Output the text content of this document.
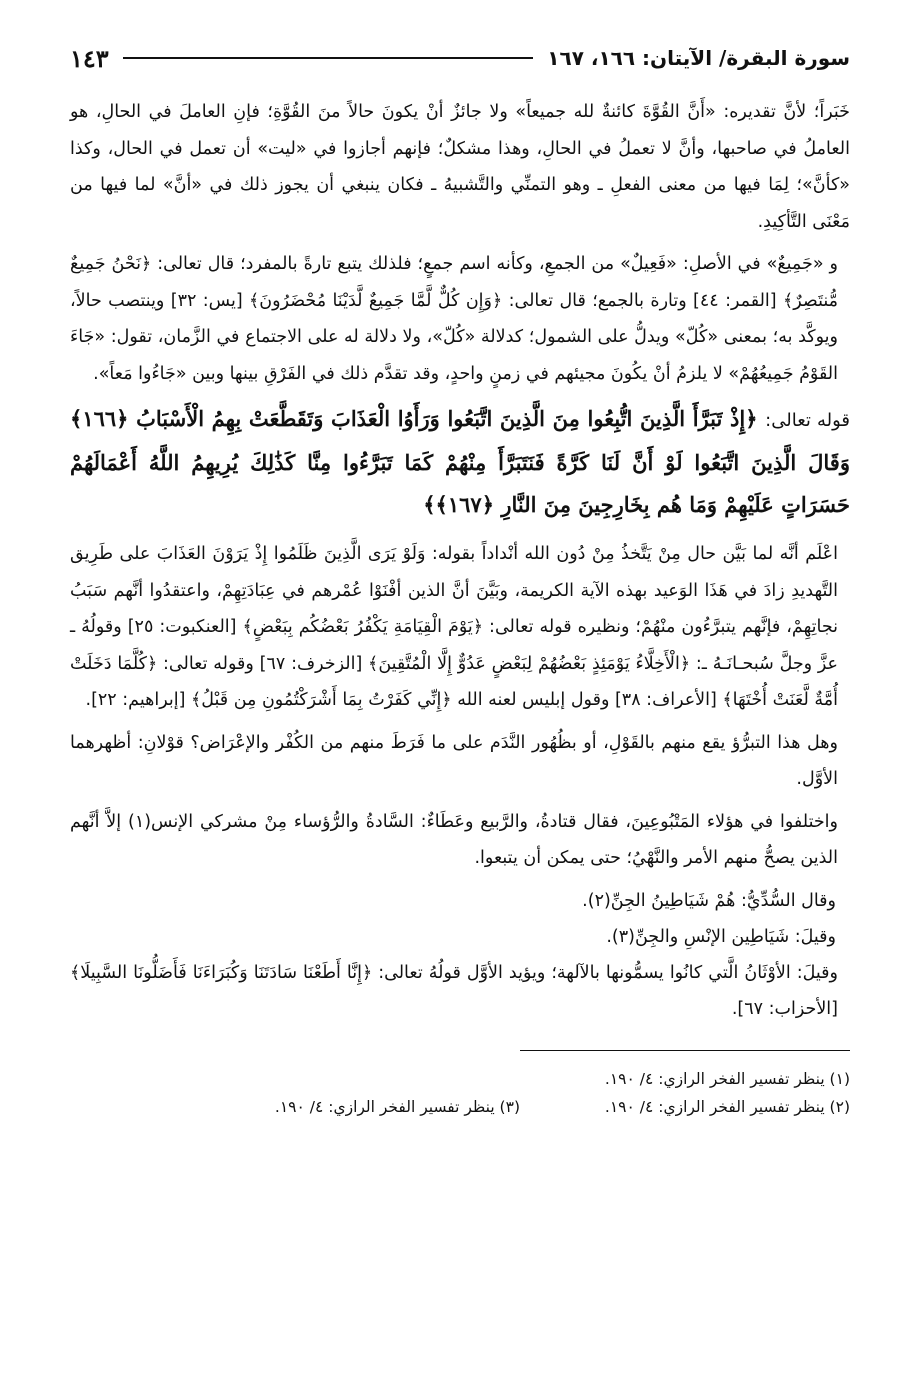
سورة البقرة/ الآيتان: ١٦٦، ١٦٧
١٤٣

خَبَراً؛ لأنَّ تقديره: «أَنَّ القُوَّةَ كائنةٌ لله جميعاً» ولا جائزٌ أنْ يكونَ حالاً منَ القُوَّةِ؛ فإنِ العاملَ في الحالِ، هو العاملُ في صاحبها، وأنَّ لا تعملُ في الحالِ، وهذا مشكلٌ؛ فإنهم أجازوا في «ليت» أن تعمل في الحال، وكذا «كأنَّ»؛ لِمَا فيها من معنى الفعلِ ـ وهو التمنِّي والتَّشبيهُ ـ فكان ينبغي أن يجوز ذلك في «أنَّ» لما فيها من مَعْنَى التَّأكِيدِ.

و «جَمِيعٌ» في الأصلِ: «فَعِيلٌ» من الجمعِ، وكأنه اسم جمعٍ؛ فلذلك يتبع تارةً بالمفرد؛ قال تعالى: ﴿نَحْنُ جَمِيعٌ مُّنتَصِرٌ﴾ [القمر: ٤٤] وتارة بالجمع؛ قال تعالى: ﴿وَإِن كُلٌّ لَّمَّا جَمِيعٌ لَّدَيْنَا مُحْضَرُونَ﴾ [يس: ٣٢] وينتصب حالاً، ويوكَّد به؛ بمعنى «كُلّ» ويدلُّ على الشمول؛ كدلالة «كُلّ»، ولا دلالة له على الاجتماع في الزَّمان، تقول: «جَاءَ القَوْمُ جَمِيعُهُمْ» لا يلزمُ أنْ يكُونَ مجيئهم في زمنٍ واحدٍ، وقد تقدَّم ذلك في الفَرْقِ بينها وبين «جَاءُوا مَعاً».

قوله تعالى: ﴿إِذْ تَبَرَّأَ الَّذِينَ اتُّبِعُوا مِنَ الَّذِينَ اتَّبَعُوا وَرَأَوُا الْعَذَابَ وَتَقَطَّعَتْ بِهِمُ الْأَسْبَابُ ﴿١٦٦﴾ وَقَالَ الَّذِينَ اتَّبَعُوا لَوْ أَنَّ لَنَا كَرَّةً فَنَتَبَرَّأَ مِنْهُمْ كَمَا تَبَرَّءُوا مِنَّا كَذَٰلِكَ يُرِيهِمُ اللَّهُ أَعْمَالَهُمْ حَسَرَاتٍ عَلَيْهِمْ وَمَا هُم بِخَارِجِينَ مِنَ النَّارِ ﴿١٦٧﴾﴾

اعْلَم أنَّه لما بَيَّن حال مِنْ يَتَّخذُ مِنْ دُون الله أنْداداً بقوله: وَلَوْ يَرَى الَّذِينَ ظَلَمُوا إِذْ يَرَوْنَ العَذَابَ على طَرِيق التَّهديدِ زادَ في هَذَا الوَعيد بهذه الآية الكريمة، وبَيَّنَ أنَّ الذين أفْنَوْا عُمْرهم في عِبَادَتِهِمْ، واعتقدُوا أنَّهم سَبَبُ نجاتِهِمْ، فإنَّهم يتبرَّءُون منْهُمْ؛ ونظيره قوله تعالى: ﴿يَوْمَ الْقِيَامَةِ يَكْفُرُ بَعْضُكُم بِبَعْضٍ﴾ [العنكبوت: ٢٥] وقولُهُ ـ عزَّ وجلَّ سُبحـانَـهُ ـ: ﴿الْأَخِلَّاءُ يَوْمَئِذٍ بَعْضُهُمْ لِبَعْضٍ عَدُوٌّ إِلَّا الْمُتَّقِينَ﴾ [الزخرف: ٦٧] وقوله تعالى: ﴿كُلَّمَا دَخَلَتْ أُمَّةٌ لَّعَنَتْ أُخْتَهَا﴾ [الأعراف: ٣٨] وقول إبليس لعنه الله ﴿إِنِّي كَفَرْتُ بِمَا أَشْرَكْتُمُونِ مِن قَبْلُ﴾ [إبراهيم: ٢٢].

وهل هذا التبرُّؤ يقع منهم بالقَوْلِ، أو بظُهُور النَّدَم على ما فَرَطَ منهم من الكُفْر والإعْرَاض؟ قوْلانِ: أظهرهما الأوَّل.

واختلفوا في هؤلاء المَتْبُوعِينَ، فقال قتادةُ، والرَّبيع وعَطَاءٌ: السَّادةُ والرُّؤساء مِنْ مشركي الإنس(١) إلاَّ أنَّهم الذين يصحُّ منهم الأمر والنَّهْيُ؛ حتى يمكن أن يتبعوا.

وقال السُّدِّيُّ: هُمْ شَيَاطِينُ الجِنِّ(٢).

وقيلَ: شَيَاطِين الإنْسِ والجِنِّ(٣).

وقيلَ: الأوْثَانُ الَّتي كانُوا يسمُّونها بالآلهة؛ ويؤيد الأوَّل قولُهُ تعالى: ﴿إِنَّا أَطَعْنَا سَادَتَنَا وَكُبَرَاءَنَا فَأَضَلُّونَا السَّبِيلَا﴾ [الأحزاب: ٦٧].

(١) ينظر تفسير الفخر الرازي: ٤/ ١٩٠.
(٢) ينظر تفسير الفخر الرازي: ٤/ ١٩٠.
(٣) ينظر تفسير الفخر الرازي: ٤/ ١٩٠.
